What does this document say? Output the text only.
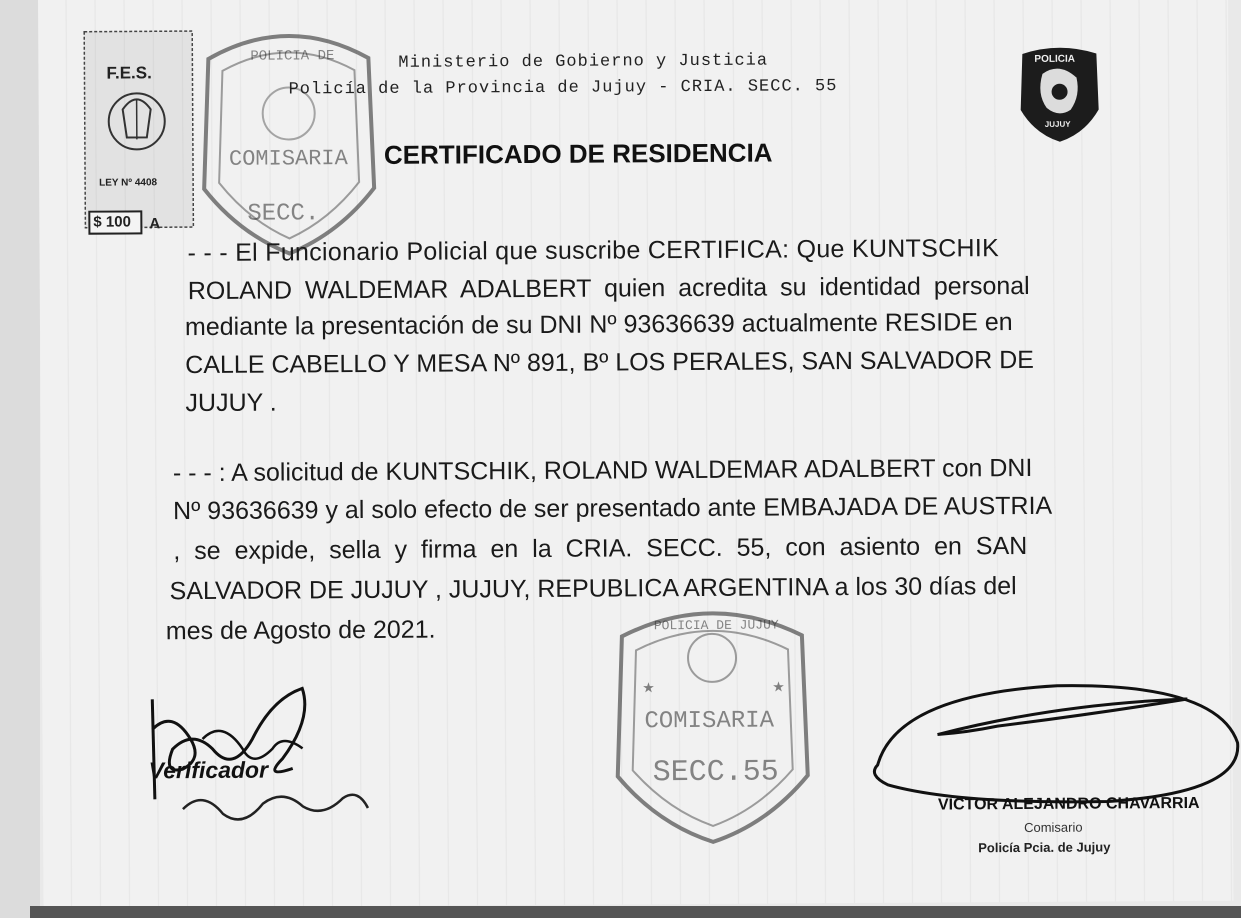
F.E.S.
LEY Nº 4408
$ 100 A
POLICIA DE
COMISARIA
SECC.
Ministerio de Gobierno y Justicia
Policía de la Provincia de Jujuy - CRIA. SECC. 55
POLICIA
JUJUY
CERTIFICADO DE RESIDENCIA
- - - El Funcionario Policial que suscribe CERTIFICA: Que KUNTSCHIK
ROLAND WALDEMAR ADALBERT quien acredita su identidad personal
mediante la presentación de su DNI Nº 93636639 actualmente RESIDE en
CALLE CABELLO Y MESA Nº 891, Bº LOS PERALES, SAN SALVADOR DE
JUJUY .
- - - : A solicitud de KUNTSCHIK, ROLAND WALDEMAR ADALBERT con DNI
Nº 93636639 y al solo efecto de ser presentado ante EMBAJADA DE AUSTRIA
, se expide, sella y firma en la CRIA. SECC. 55, con asiento en SAN
SALVADOR DE JUJUY , JUJUY, REPUBLICA ARGENTINA a los 30 días del
mes de Agosto de 2021.
★	★
POLICIA DE JUJUY
COMISARIA
SECC.55
Verificador
VICTOR ALEJANDRO CHAVARRIA
Comisario
Policía Pcia. de Jujuy
